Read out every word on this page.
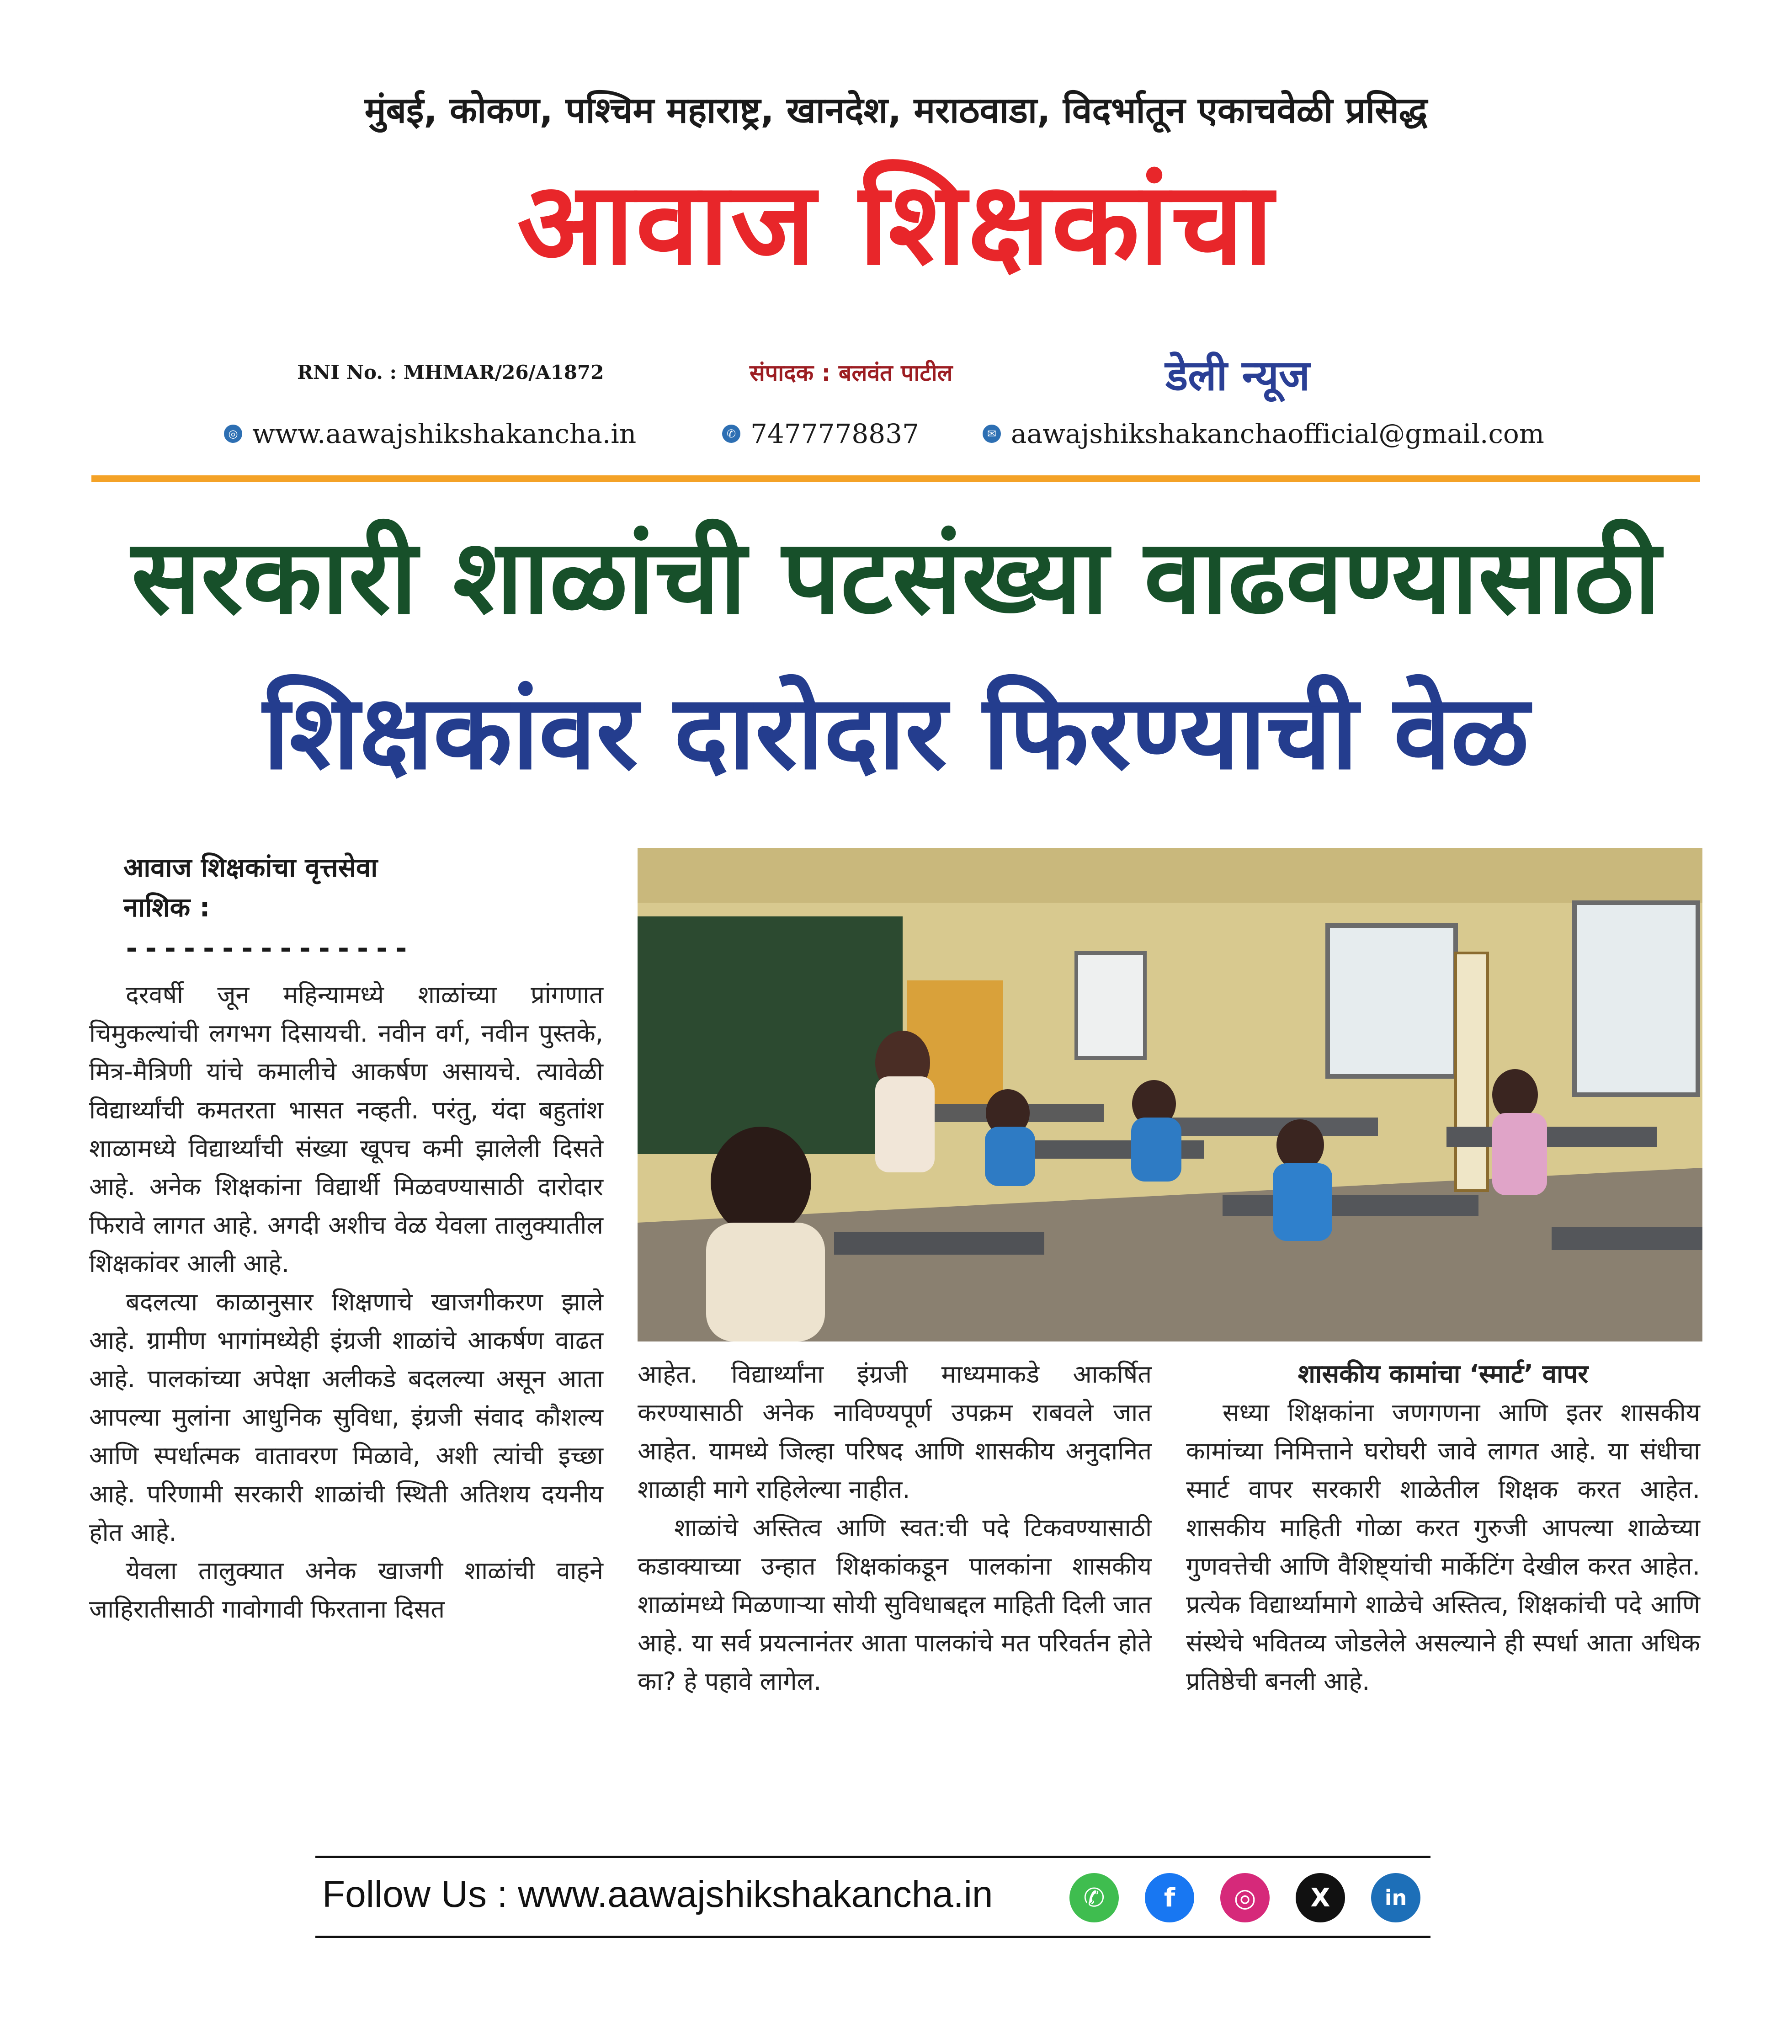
मुंबई, कोकण, पश्चिम महाराष्ट्र, खानदेश, मराठवाडा, विदर्भातून एकाचवेळी प्रसिद्ध
आवाज शिक्षकांचा
RNI No. : MHMAR/26/A1872	संपादक : बलवंत पाटील	डेली न्यूज
◎ www.aawajshikshakancha.in	✆ 7477778837	✉ aawajshikshakanchaofficial@gmail.com
सरकारी शाळांची पटसंख्या वाढवण्यासाठी
शिक्षकांवर दारोदार फिरण्याची वेळ
आवाज शिक्षकांचा वृत्तसेवा
नाशिक :
---------------

दरवर्षी जून महिन्यामध्ये शाळांच्या प्रांगणात चिमुकल्यांची लगभग दिसायची. नवीन वर्ग, नवीन पुस्तके, मित्र-मैत्रिणी यांचे कमालीचे आकर्षण असायचे. त्यावेळी विद्यार्थ्यांची कमतरता भासत नव्हती. परंतु, यंदा बहुतांश शाळामध्ये विद्यार्थ्यांची संख्या खूपच कमी झालेली दिसते आहे. अनेक शिक्षकांना विद्यार्थी मिळवण्यासाठी दारोदार फिरावे लागत आहे. अगदी अशीच वेळ येवला तालुक्यातील शिक्षकांवर आली आहे.

बदलत्या काळानुसार शिक्षणाचे खाजगीकरण झाले आहे. ग्रामीण भागांमध्येही इंग्रजी शाळांचे आकर्षण वाढत आहे. पालकांच्या अपेक्षा अलीकडे बदलल्या असून आता आपल्या मुलांना आधुनिक सुविधा, इंग्रजी संवाद कौशल्य आणि स्पर्धात्मक वातावरण मिळावे, अशी त्यांची इच्छा आहे. परिणामी सरकारी शाळांची स्थिती अतिशय दयनीय होत आहे.

येवला तालुक्यात अनेक खाजगी शाळांची वाहने जाहिरातीसाठी गावोगावी फिरताना दिसत

आहेत. विद्यार्थ्यांना इंग्रजी माध्यमाकडे आकर्षित करण्यासाठी अनेक नाविण्यपूर्ण उपक्रम राबवले जात आहेत. यामध्ये जिल्हा परिषद आणि शासकीय अनुदानित शाळाही मागे राहिलेल्या नाहीत.

शाळांचे अस्तित्व आणि स्वत:ची पदे टिकवण्यासाठी कडाक्याच्या उन्हात शिक्षकांकडून पालकांना शासकीय शाळांमध्ये मिळणाऱ्या सोयी सुविधाबद्दल माहिती दिली जात आहे. या सर्व प्रयत्नानंतर आता पालकांचे मत परिवर्तन होते का? हे पहावे लागेल.

शासकीय कामांचा ‘स्मार्ट’ वापर

सध्या शिक्षकांना जणगणना आणि इतर शासकीय कामांच्या निमित्ताने घरोघरी जावे लागत आहे. या संधीचा स्मार्ट वापर सरकारी शाळेतील शिक्षक करत आहेत. शासकीय माहिती गोळा करत गुरुजी आपल्या शाळेच्या गुणवत्तेची आणि वैशिष्ट्यांची मार्केटिंग देखील करत आहेत. प्रत्येक विद्यार्थ्यामागे शाळेचे अस्तित्व, शिक्षकांची पदे आणि संस्थेचे भवितव्य जोडलेले असल्याने ही स्पर्धा आता अधिक प्रतिष्ठेची बनली आहे.

Follow Us : www.aawajshikshakancha.in	✆	f	◎	X	in
